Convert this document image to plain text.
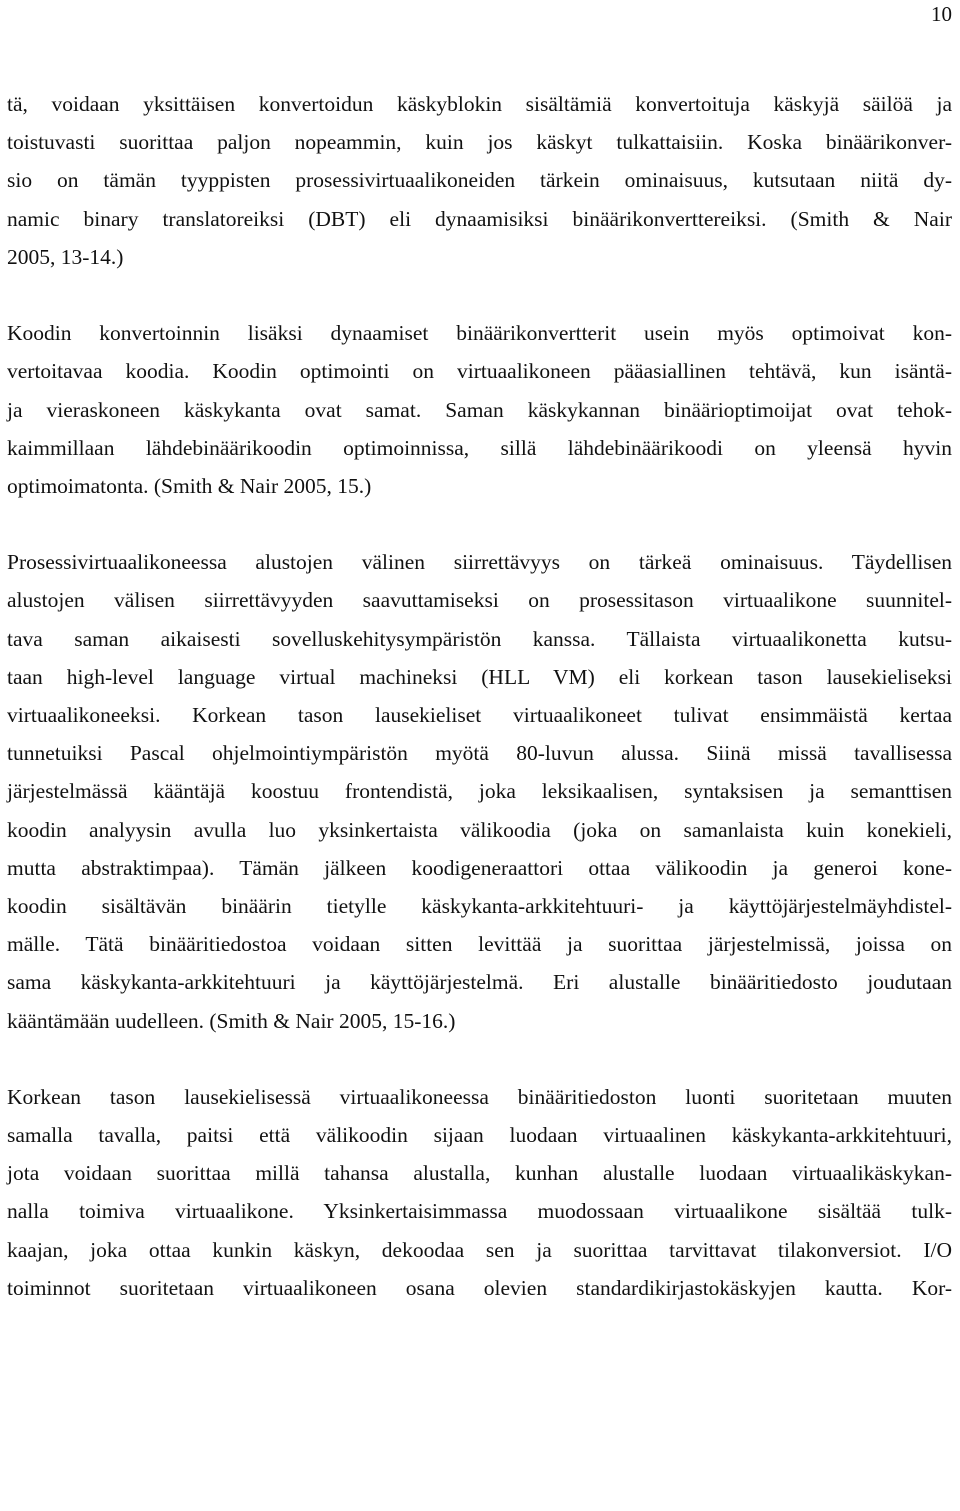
10

tä, voidaan yksittäisen konvertoidun käskyblokin sisältämiä konvertoituja käskyjä säilöä ja
toistuvasti suorittaa paljon nopeammin, kuin jos käskyt tulkattaisiin. Koska binäärikonver-
sio on tämän tyyppisten prosessivirtuaalikoneiden tärkein ominaisuus, kutsutaan niitä dy-
namic binary translatoreiksi (DBT) eli dynaamisiksi binäärikonverttereiksi. (Smith & Nair
2005, 13-14.)

Koodin konvertoinnin lisäksi dynaamiset binäärikonvertterit usein myös optimoivat kon-
vertoitavaa koodia. Koodin optimointi on virtuaalikoneen pääasiallinen tehtävä, kun isäntä-
ja vieraskoneen käskykanta ovat samat. Saman käskykannan binäärioptimoijat ovat tehok-
kaimmillaan lähdebinäärikoodin optimoinnissa, sillä lähdebinäärikoodi on yleensä hyvin
optimoimatonta. (Smith & Nair 2005, 15.)

Prosessivirtuaalikoneessa alustojen välinen siirrettävyys on tärkeä ominaisuus. Täydellisen
alustojen välisen siirrettävyyden saavuttamiseksi on prosessitason virtuaalikone suunnitel-
tava saman aikaisesti sovelluskehitysympäristön kanssa. Tällaista virtuaalikonetta kutsu-
taan high-level language virtual machineksi (HLL VM) eli korkean tason lausekieliseksi
virtuaalikoneeksi. Korkean tason lausekieliset virtuaalikoneet tulivat ensimmäistä kertaa
tunnetuiksi Pascal ohjelmointiympäristön myötä 80-luvun alussa. Siinä missä tavallisessa
järjestelmässä kääntäjä koostuu frontendistä, joka leksikaalisen, syntaksisen ja semanttisen
koodin analyysin avulla luo yksinkertaista välikoodia (joka on samanlaista kuin konekieli,
mutta abstraktimpaa). Tämän jälkeen koodigeneraattori ottaa välikoodin ja generoi kone-
koodin sisältävän binäärin tietylle käskykanta-arkkitehtuuri- ja käyttöjärjestelmäyhdistel-
mälle. Tätä binääritiedostoa voidaan sitten levittää ja suorittaa järjestelmissä, joissa on
sama käskykanta-arkkitehtuuri ja käyttöjärjestelmä. Eri alustalle binääritiedosto joudutaan
kääntämään uudelleen. (Smith & Nair 2005, 15-16.)

Korkean tason lausekielisessä virtuaalikoneessa binääritiedoston luonti suoritetaan muuten
samalla tavalla, paitsi että välikoodin sijaan luodaan virtuaalinen käskykanta-arkkitehtuuri,
jota voidaan suorittaa millä tahansa alustalla, kunhan alustalle luodaan virtuaalikäskykan-
nalla toimiva virtuaalikone. Yksinkertaisimmassa muodossaan virtuaalikone sisältää tulk-
kaajan, joka ottaa kunkin käskyn, dekoodaa sen ja suorittaa tarvittavat tilakonversiot. I/O
toiminnot suoritetaan virtuaalikoneen osana olevien standardikirjastokäskyjen kautta. Kor-
